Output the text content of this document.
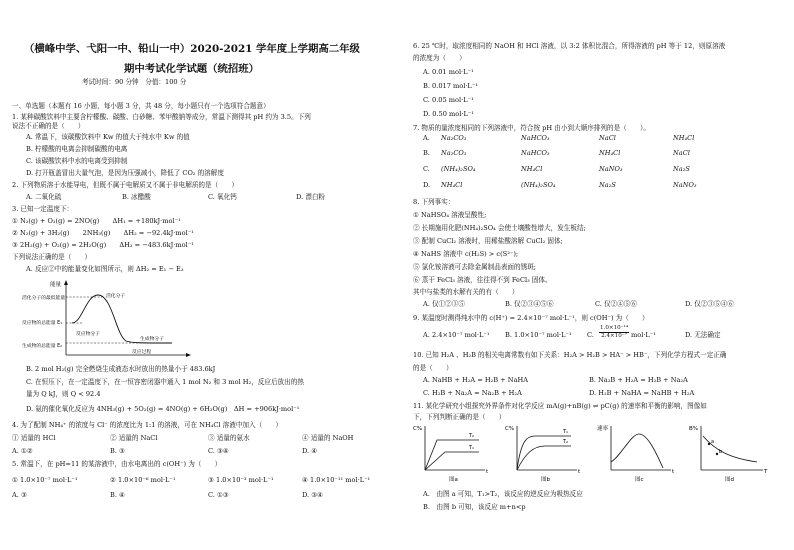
（横峰中学、弋阳一中、铅山一中）2020-2021 学年度上学期高二年级
期中考试化学试题（统招班）
考试时间：90 分钟　分值：100 分
一、单选题（本题有 16 小题，每小题 3 分，共 48 分，每小题只有一个选项符合题意）
1. 某种碳酸饮料中主要含柠檬酸、碳酸、白砂糖、苯甲酸钠等成分，常温下测得其 pH 约为 3.5。下列
说法不正确的是（　　）
A. 常温下，该碳酸饮料中 Kw 的值大于纯水中 Kw 的值
B. 柠檬酸的电离会抑制碳酸的电离
C. 该碳酸饮料中水的电离受到抑制
D. 打开瓶盖冒出大量气泡，是因为压强减小，降低了 CO₂ 的溶解度
2. 下列物质溶于水能导电，但既不属于电解质又不属于非电解质的是（　　）
A. 二氧化硫	B. 冰醋酸	C. 氧化钙	D. 漂白粉
3. 已知一定温度下：
① N₂(g) + O₂(g) = 2NO(g)　　ΔH₁ = +180kJ·mol⁻¹
② N₂(g) + 3H₂(g)　　2NH₃(g)　　ΔH₂ = −92.4kJ·mol⁻¹
③ 2H₂(g) + O₂(g) = 2H₂O(g)　　ΔH₃ = −483.6kJ·mol⁻¹
下列说法正确的是（　　）
A. 反应②中的能量变化如图所示，则 ΔH₂ = E₁ − E₃
能量
活化分子的最低能量
反应物的总能量 E₁
生成物的总能量 E₂
活化分子
反应物分子
生成物分子
反应过程
B. 2 mol H₂(g) 完全燃烧生成液态水时放出的热量小于 483.6kJ
C. 在恒压下，在一定温度下，在一恒容密闭器中通入 1 mol N₂ 和 3 mol H₂，反应后放出的热
量为 Q kJ，则 Q < 92.4
D. 氨的催化氧化反应为 4NH₃(g) + 5O₂(g) = 4NO(g) + 6H₂O(g)　ΔH = +906kJ·mol⁻¹
4. 为了配制 NH₄⁺ 的浓度与 Cl⁻ 的浓度比为 1:1 的溶液，可在 NH₄Cl 溶液中加入（　　）
① 适量的 HCl	② 适量的 NaCl	③ 适量的氨水	④ 适量的 NaOH
A. ①②	B. ③	C. ③④	D. ④
5. 常温下，在 pH=11 的某溶液中，由水电离出的 c(OH⁻) 为（　　）
① 1.0×10⁻⁷ mol·L⁻¹	② 1.0×10⁻⁶ mol·L⁻¹	③ 1.0×10⁻³ mol·L⁻¹	④ 1.0×10⁻¹¹ mol·L⁻¹
A. ③	B. ④	C. ①③	D. ③④
6. 25 ℃时，取浓度相同的 NaOH 和 HCl 溶液，以 3:2 体积比混合，所得溶液的 pH 等于 12，则原溶液
的浓度为（　　）
A. 0.01 mol·L⁻¹
B. 0.017 mol·L⁻¹
C. 0.05 mol·L⁻¹
D. 0.50 mol·L⁻¹
7. 物质的量浓度相同的下列溶液中，符合按 pH 由小到大顺序排列的是（　　）。
A. Na₂CO₃	NaHCO₃	NaCl	NH₄Cl
B. Na₂CO₃	NaHCO₃	NH₄Cl	NaCl
C. (NH₄)₂SO₄	NH₄Cl	NaNO₃	Na₂S
D. NH₄Cl	(NH₄)₂SO₄	Na₂S	NaNO₃
8. 下列事实：
① NaHSO₄ 溶液呈酸性;
② 长期施用化肥(NH₄)₂SO₄ 会使土壤酸性增大，发生板结;
③ 配制 CuCl₂ 溶液时，用稀盐酸溶解 CuCl₂ 固体;
④ NaHS 溶液中 c(H₂S) > c(S²⁻);
⑤ 氯化铵溶液可去除金属制品表面的锈斑;
⑥ 蒸干 FeCl₃ 溶液，往往得不到 FeCl₃ 固体。
其中与盐类的水解有关的有（　　）
A. 仅①②③⑤	B. 仅②③④⑤⑥	C. 仅②④⑤⑥	D. 仅②③⑤④⑥
9. 某温度时测得纯水中的 c(H⁺) = 2.4×10⁻⁷ mol·L⁻¹，则 c(OH⁻) 为（　　）
A. 2.4×10⁻⁷ mol·L⁻¹ B. 1.0×10⁻⁷ mol·L⁻¹ C. $\frac{\text{1.0×10⁻¹⁴}}{\text{2.4×10⁻⁷}} mol\cdot L^{-1}$	D. 无法确定
10. 已知 H₂A 、H₂B 的相关电离常数有如下关系：H₂A > H₂B > HA⁻ > HB⁻，下列化学方程式一定正确
的是（　　）
A. NaHB + H₂A = H₂B + NaHA	B. Na₂B + H₂A = H₂B + Na₂A
C. H₂B + Na₂A = Na₂B + H₂A	D. H₂B + NaHA = NaHB + H₂A
11. 某化学研究小组探究外界条件对化学反应 mA(g)+nB(g) ⇌ pC(g) 的速率和平衡的影响，图像如
下，下列判断正确的是（　　）
C%
t
T₂
T₁
图a
C%
t
T₁
T₂
图b
速率
t
图c
B%
T
a
b
图d
A.　由图 a 可知，T₁>T₂，该反应的逆反应为吸热反应
B.　由图 b 可知，该反应 m+n<p
